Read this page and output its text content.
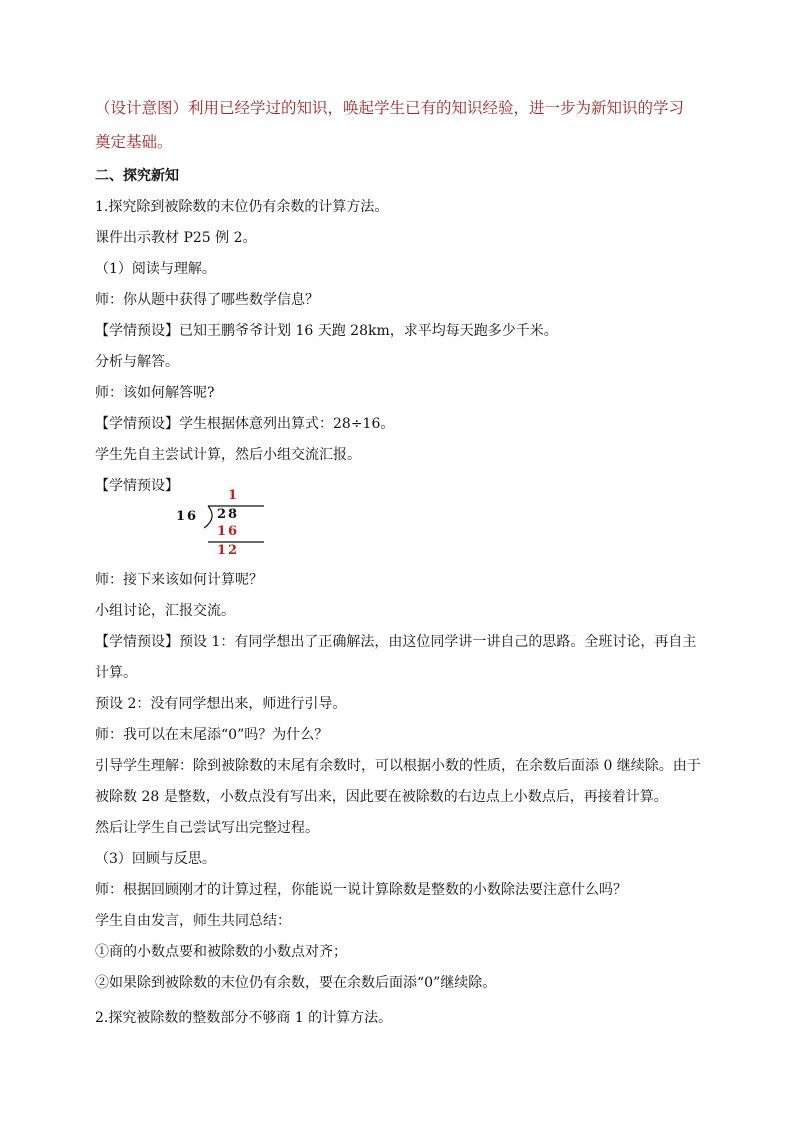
（设计意图）利用已经学过的知识，唤起学生已有的知识经验，进一步为新知识的学习
奠定基础。
二、探究新知
1.探究除到被除数的末位仍有余数的计算方法。
课件出示教材 P25 例 2。
（1）阅读与理解。
师：你从题中获得了哪些数学信息？
【学情预设】已知王鹏爷爷计划 16 天跑 28km，求平均每天跑多少千米。
分析与解答。
师：该如何解答呢?
【学情预设】学生根据体意列出算式：28÷16。
学生先自主尝试计算，然后小组交流汇报。
【学情预设】
1
16 28
16
12
师：接下来该如何计算呢？
小组讨论，汇报交流。
【学情预设】预设 1：有同学想出了正确解法，由这位同学讲一讲自己的思路。全班讨论，再自主
计算。
预设 2：没有同学想出来，师进行引导。
师：我可以在末尾添“0”吗？为什么？
引导学生理解：除到被除数的末尾有余数时，可以根据小数的性质，在余数后面添 0 继续除。由于
被除数 28 是整数，小数点没有写出来，因此要在被除数的右边点上小数点后，再接着计算。
然后让学生自己尝试写出完整过程。
（3）回顾与反思。
师：根据回顾刚才的计算过程，你能说一说计算除数是整数的小数除法要注意什么吗？
学生自由发言，师生共同总结：
①商的小数点要和被除数的小数点对齐；
②如果除到被除数的末位仍有余数，要在余数后面添“0”继续除。
2.探究被除数的整数部分不够商 1 的计算方法。
